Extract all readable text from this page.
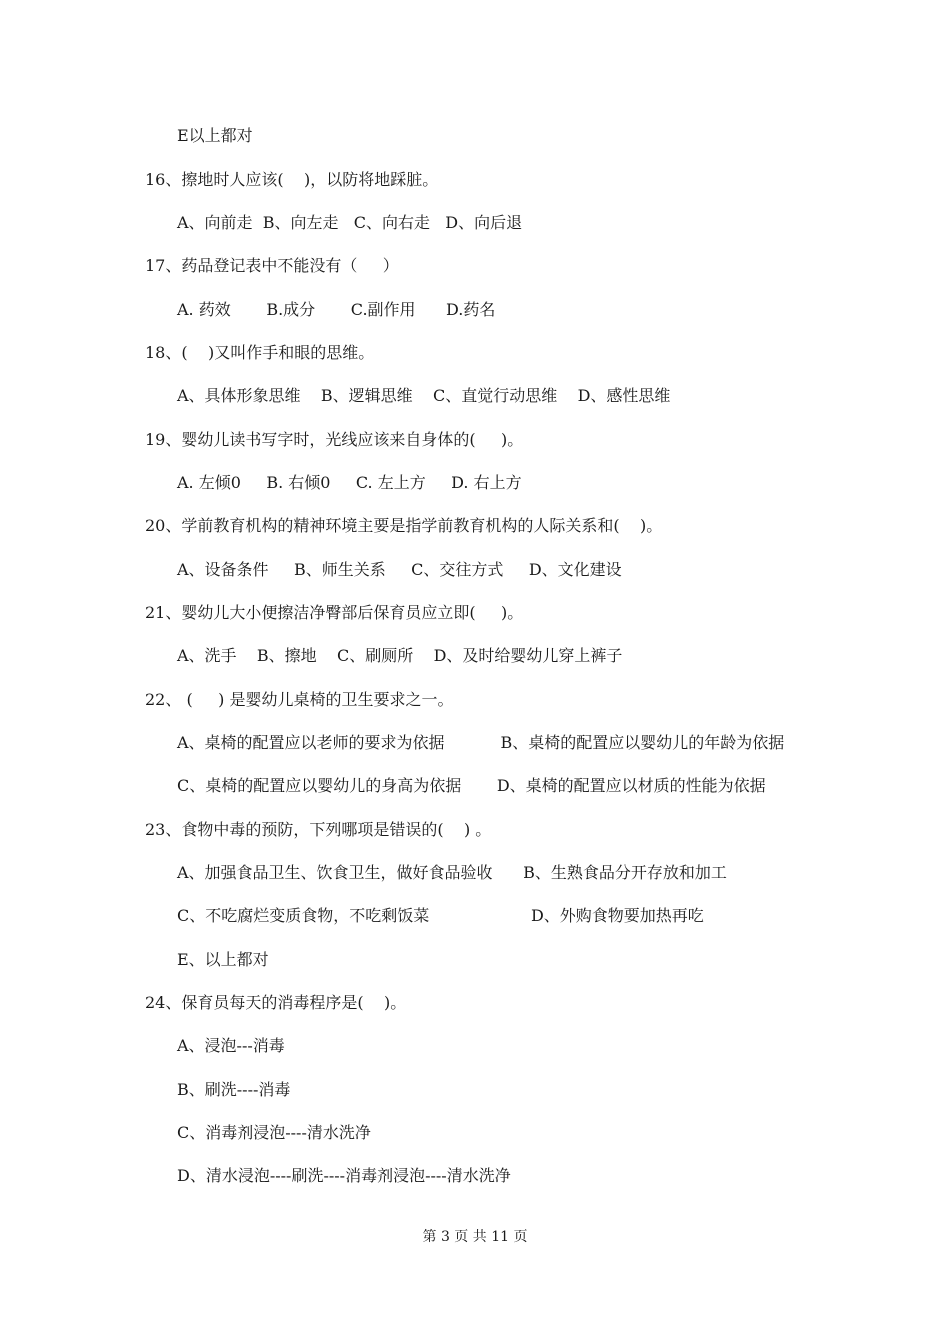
E以上都对
16、擦地时人应该(    )，以防将地踩脏。
A、向前走  B、向左走   C、向右走   D、向后退
17、药品登记表中不能没有（     ）
A. 药效       B.成分       C.副作用      D.药名
18、(    )又叫作手和眼的思维。
A、具体形象思维    B、逻辑思维    C、直觉行动思维    D、感性思维
19、婴幼儿读书写字时，光线应该来自身体的(     )。
A. 左倾0     B. 右倾0     C. 左上方     D. 右上方
20、学前教育机构的精神环境主要是指学前教育机构的人际关系和(    )。
A、设备条件     B、师生关系     C、交往方式     D、文化建设
21、婴幼儿大小便擦洁净臀部后保育员应立即(     )。
A、洗手    B、擦地    C、刷厕所    D、及时给婴幼儿穿上裤子
22、 (     ) 是婴幼儿桌椅的卫生要求之一。
A、桌椅的配置应以老师的要求为依据           B、桌椅的配置应以婴幼儿的年龄为依据
C、桌椅的配置应以婴幼儿的身高为依据       D、桌椅的配置应以材质的性能为依据
23、食物中毒的预防，下列哪项是错误的(    ) 。
A、加强食品卫生、饮食卫生，做好食品验收      B、生熟食品分开存放和加工
C、不吃腐烂变质食物，不吃剩饭菜                    D、外购食物要加热再吃
E、以上都对
24、保育员每天的消毒程序是(    )。
A、浸泡---消毒
B、刷洗----消毒
C、消毒剂浸泡----清水洗净
D、清水浸泡----刷洗----消毒剂浸泡----清水洗净
第 3 页 共 11 页
